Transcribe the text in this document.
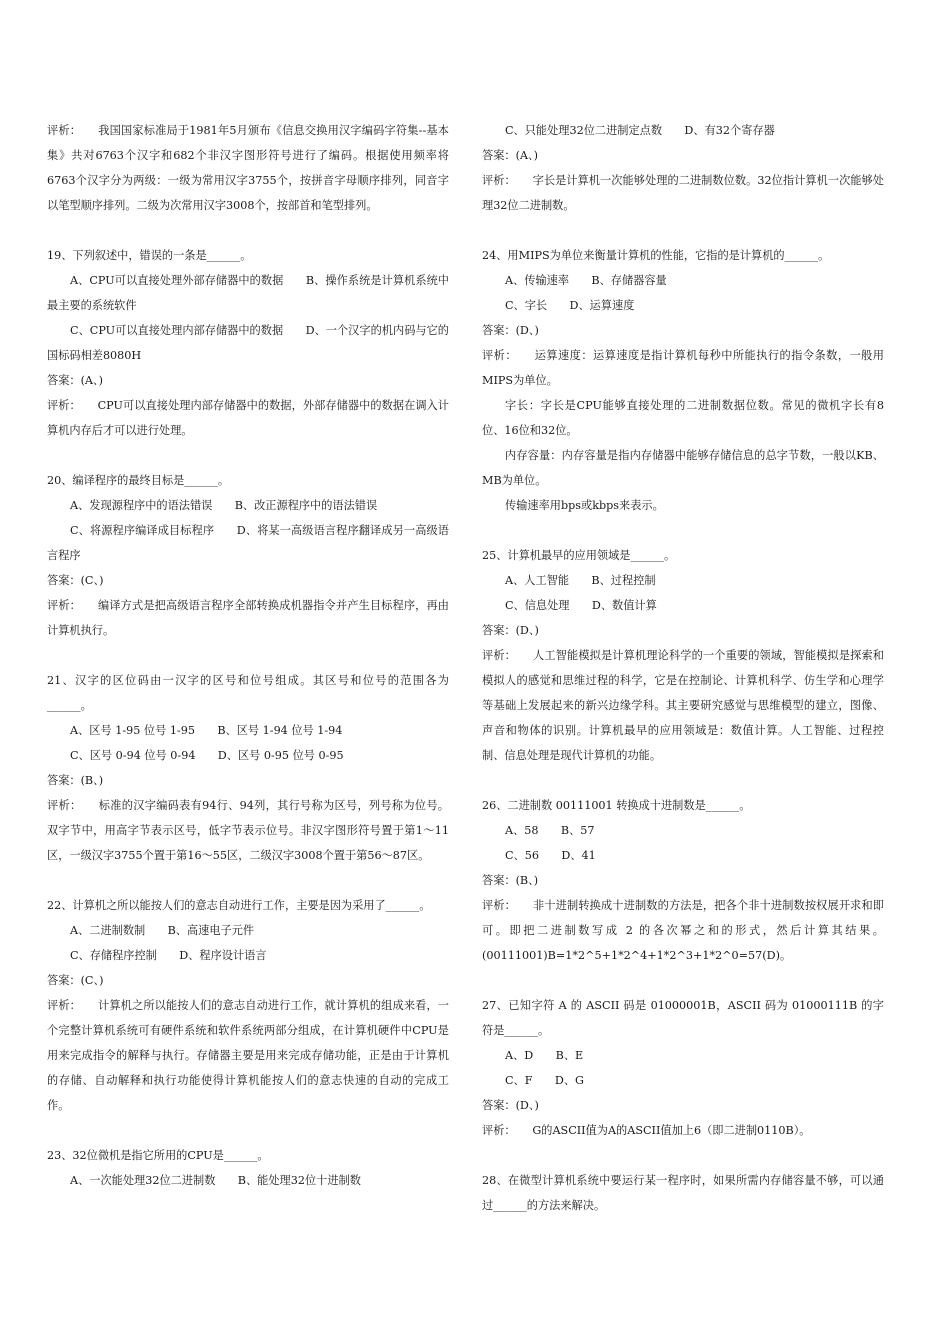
评析：　　我国国家标准局于1981年5月颁布《信息交换用汉字编码字符集--基本集》共对6763个汉字和682个非汉字图形符号进行了编码。根据使用频率将6763个汉字分为两级：一级为常用汉字3755个，按拼音字母顺序排列，同音字以笔型顺序排列。二级为次常用汉字3008个，按部首和笔型排列。

19、下列叙述中，错误的一条是______。

A、CPU可以直接处理外部存储器中的数据　　B、操作系统是计算机系统中最主要的系统软件

C、CPU可以直接处理内部存储器中的数据　　D、一个汉字的机内码与它的国标码相差8080H

答案：(A、)

评析：　　CPU可以直接处理内部存储器中的数据，外部存储器中的数据在调入计算机内存后才可以进行处理。

20、编译程序的最终目标是______。

A、发现源程序中的语法错误　　B、改正源程序中的语法错误

C、将源程序编译成目标程序　　D、将某一高级语言程序翻译成另一高级语言程序

答案：(C、)

评析：　　编译方式是把高级语言程序全部转换成机器指令并产生目标程序，再由计算机执行。

21、汉字的区位码由一汉字的区号和位号组成。其区号和位号的范围各为______。

A、区号 1-95 位号 1-95　　B、区号 1-94 位号 1-94

C、区号 0-94 位号 0-94　　D、区号 0-95 位号 0-95

答案：(B、)

评析：　　标准的汉字编码表有94行、94列，其行号称为区号，列号称为位号。双字节中，用高字节表示区号，低字节表示位号。非汉字图形符号置于第1～11区，一级汉字3755个置于第16～55区，二级汉字3008个置于第56～87区。

22、计算机之所以能按人们的意志自动进行工作，主要是因为采用了______。

A、二进制数制　　B、高速电子元件

C、存储程序控制　　D、程序设计语言

答案：(C、)

评析：　　计算机之所以能按人们的意志自动进行工作，就计算机的组成来看，一个完整计算机系统可有硬件系统和软件系统两部分组成，在计算机硬件中CPU是用来完成指令的解释与执行。存储器主要是用来完成存储功能，正是由于计算机的存储、自动解释和执行功能使得计算机能按人们的意志快速的自动的完成工作。

23、32位微机是指它所用的CPU是______。

A、一次能处理32位二进制数　　B、能处理32位十进制数

C、只能处理32位二进制定点数　　D、有32个寄存器

答案：(A、)

评析：　　字长是计算机一次能够处理的二进制数位数。32位指计算机一次能够处理32位二进制数。

24、用MIPS为单位来衡量计算机的性能，它指的是计算机的______。

A、传输速率　　B、存储器容量

C、字长　　D、运算速度

答案：(D、)

评析：　　运算速度：运算速度是指计算机每秒中所能执行的指令条数，一般用MIPS为单位。

字长：字长是CPU能够直接处理的二进制数据位数。常见的微机字长有8位、16位和32位。

内存容量：内存容量是指内存储器中能够存储信息的总字节数，一般以KB、MB为单位。

传输速率用bps或kbps来表示。

25、计算机最早的应用领域是______。

A、人工智能　　B、过程控制

C、信息处理　　D、数值计算

答案：(D、)

评析：　　人工智能模拟是计算机理论科学的一个重要的领域，智能模拟是探索和模拟人的感觉和思维过程的科学，它是在控制论、计算机科学、仿生学和心理学等基础上发展起来的新兴边缘学科。其主要研究感觉与思维模型的建立，图像、声音和物体的识别。计算机最早的应用领域是：数值计算。人工智能、过程控制、信息处理是现代计算机的功能。

26、二进制数 00111001 转换成十进制数是______。

A、58　　B、57

C、56　　D、41

答案：(B、)

评析：　　非十进制转换成十进制数的方法是，把各个非十进制数按权展开求和即可。即把二进制数写成 2 的各次幂之和的形式，然后计算其结果。(00111001)B=1*2^5+1*2^4+1*2^3+1*2^0=57(D)。

27、已知字符 A 的 ASCII 码是 01000001B，ASCII 码为 01000111B 的字符是______。

A、D　　B、E

C、F　　D、G

答案：(D、)

评析：　　G的ASCII值为A的ASCII值加上6（即二进制0110B）。

28、在微型计算机系统中要运行某一程序时，如果所需内存储容量不够，可以通过______的方法来解决。
